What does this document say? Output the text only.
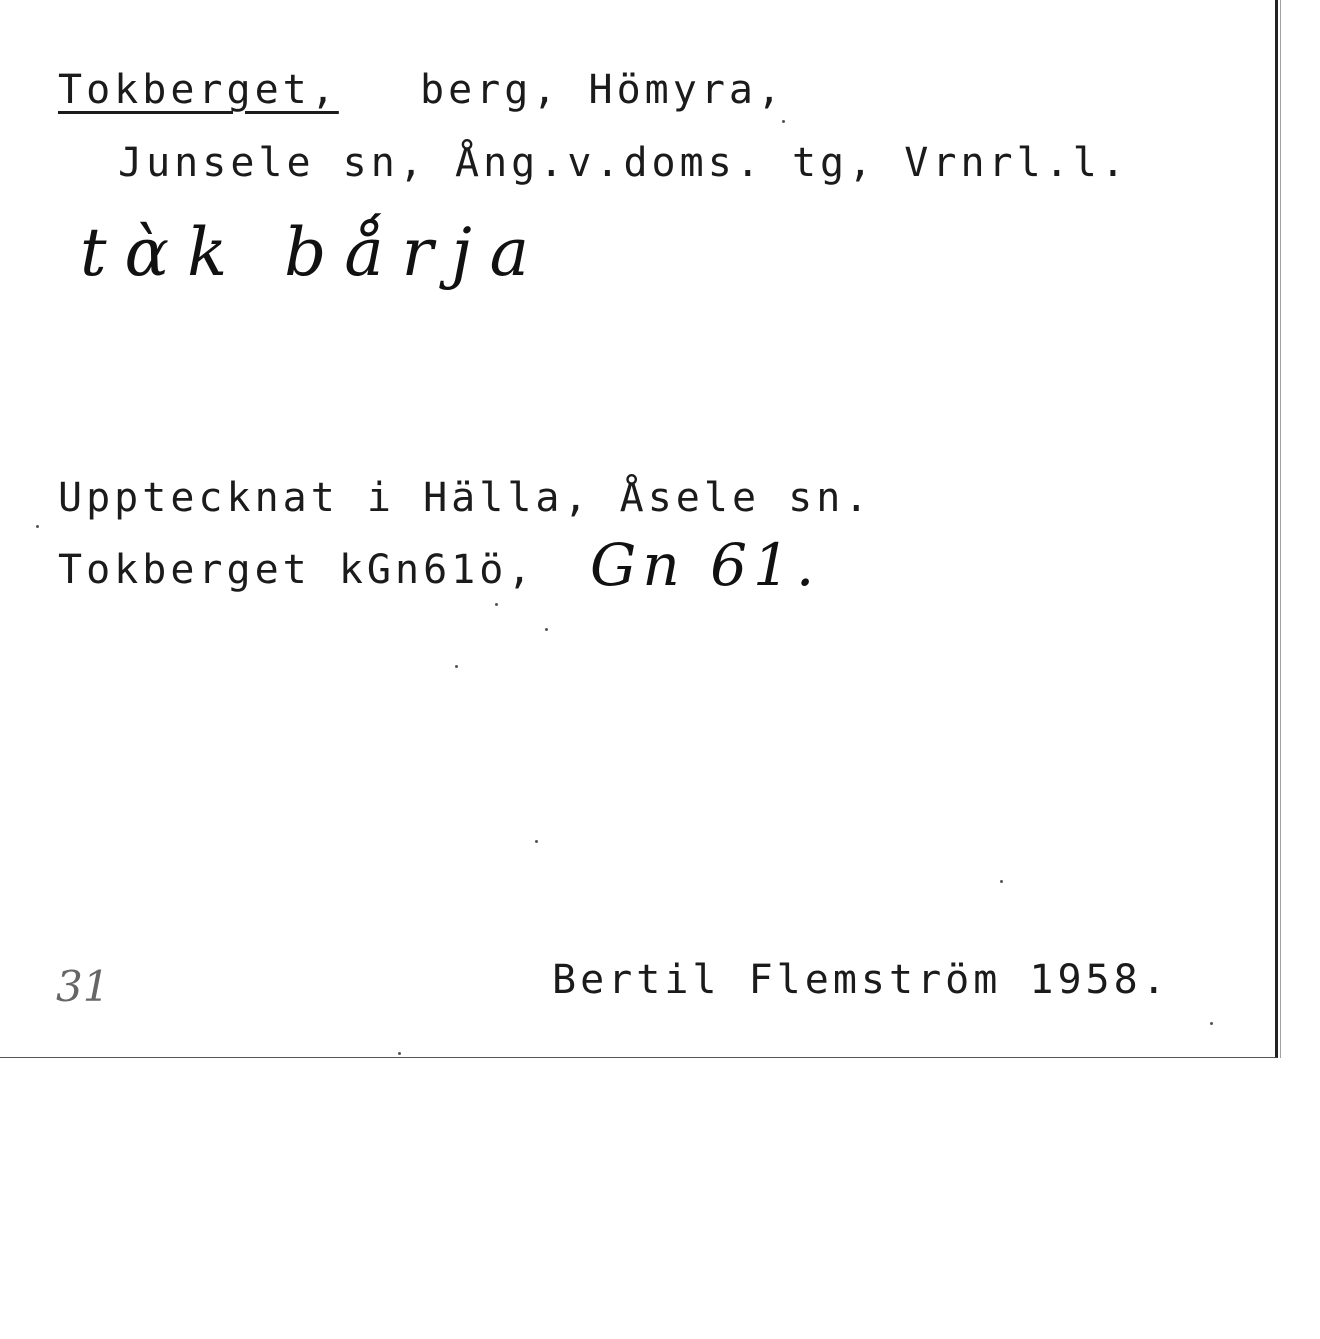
Tokberget, berg, Hömyra,
Junsele sn, Ång.v.doms. tg, Vrnrl.l.
tɑ̀k bǻrja
Upptecknat i Hälla, Åsele sn.
Tokberget kGn61ö, Gn 61.
31	Bertil Flemström 1958.
